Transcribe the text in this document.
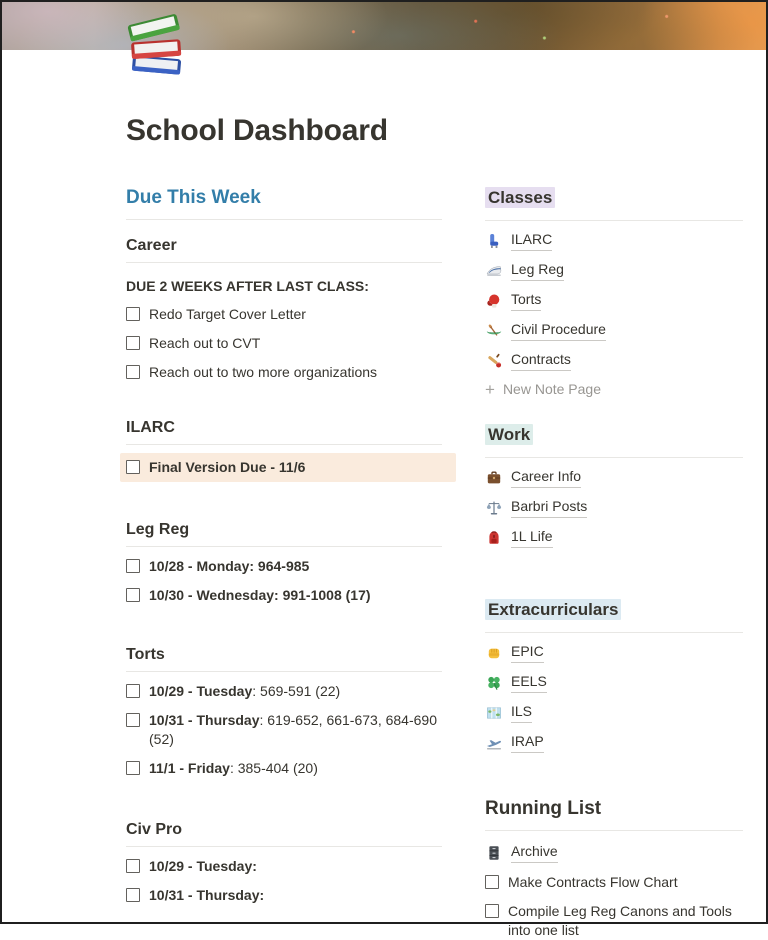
School Dashboard
Due This Week
Career
DUE 2 WEEKS AFTER LAST CLASS:
Redo Target Cover Letter
Reach out to CVT
Reach out to two more organizations
ILARC
Final Version Due - 11/6
Leg Reg
10/28 - Monday: 964-985
10/30 - Wednesday: 991-1008 (17)
Torts
10/29 - Tuesday: 569-591 (22)
10/31 - Thursday: 619-652, 661-673, 684-690 (52)
11/1 - Friday: 385-404 (20)
Civ Pro
10/29 - Tuesday:
10/31 - Thursday:
Classes
ILARC
Leg Reg
Torts
Civil Procedure
Contracts
+ New Note Page
Work
Career Info
Barbri Posts
1L Life
Extracurriculars
EPIC
EELS
ILS
IRAP
Running List
Archive
Make Contracts Flow Chart
Compile Leg Reg Canons and Tools into one list
